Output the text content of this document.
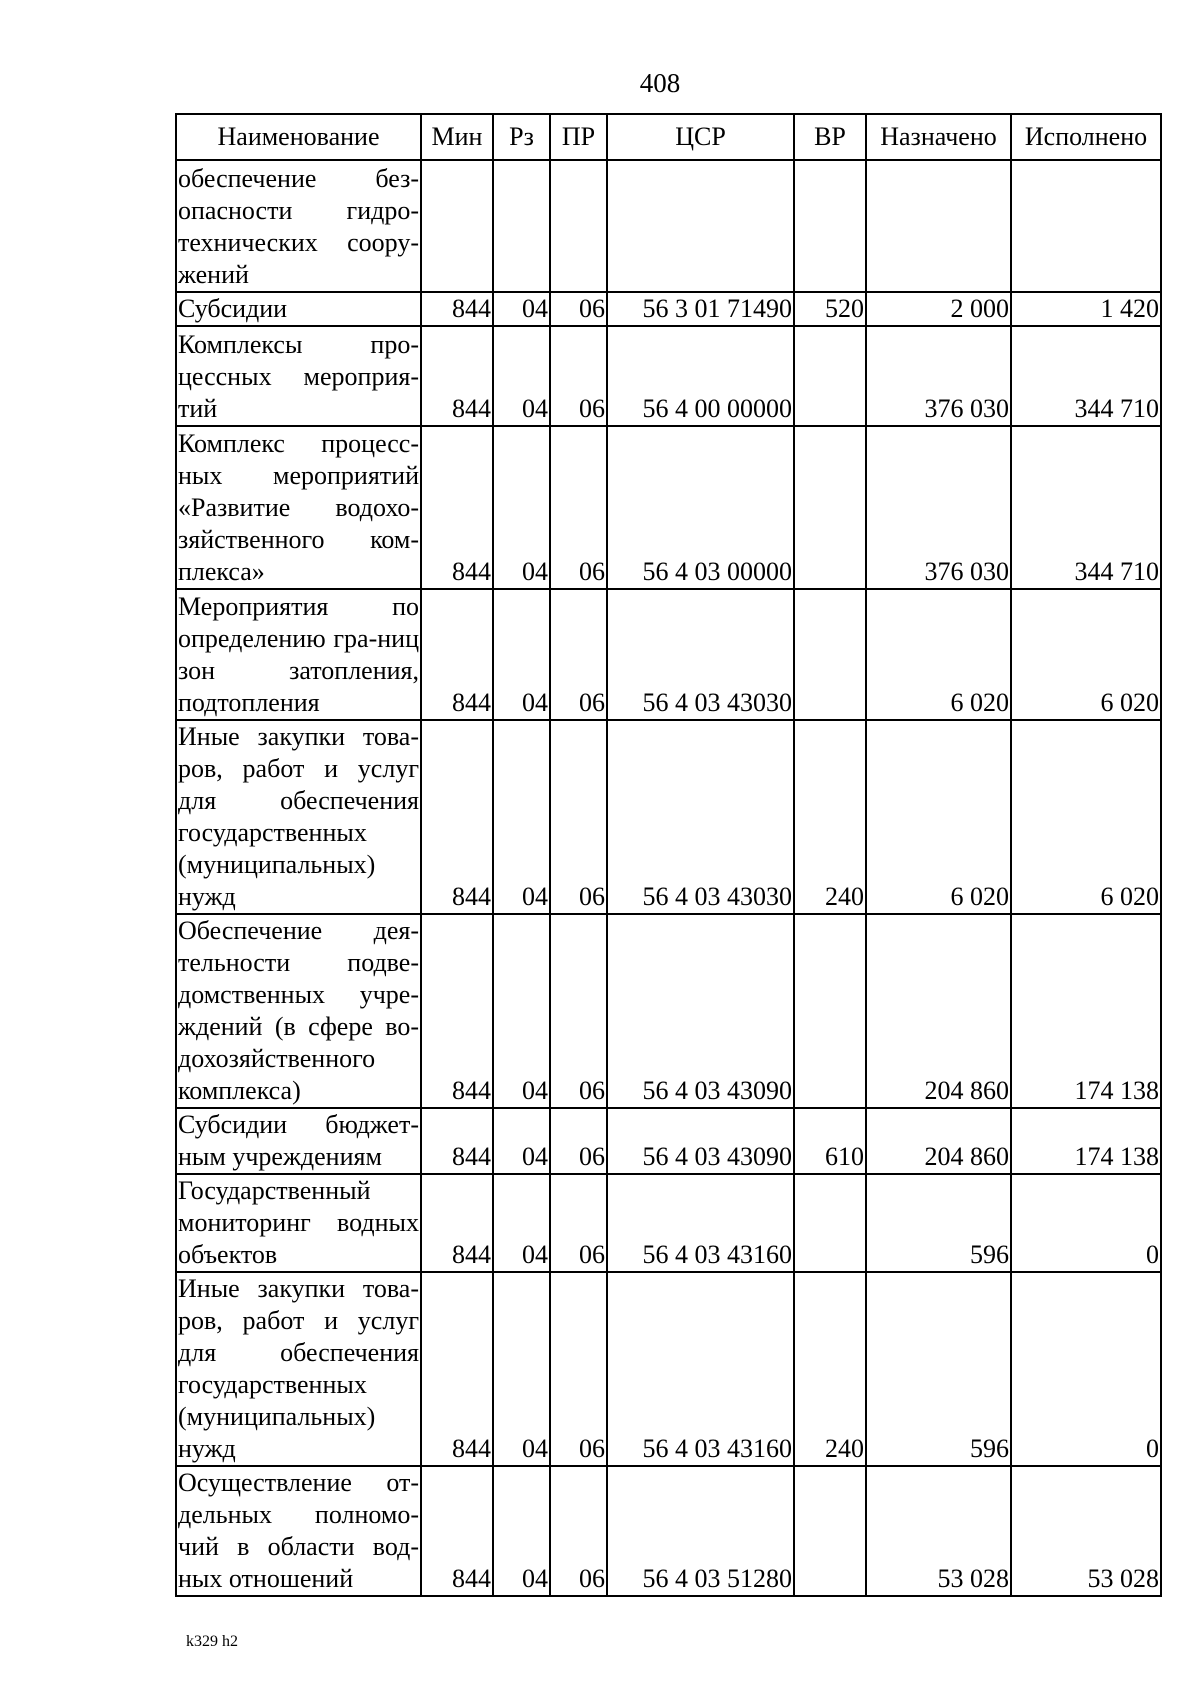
408
Наименование	Мин	Рз	ПР	ЦСР	ВР	Назначено	Исполнено
обеспечение без-опасности гидро-технических соору-жений							
Субсидии	844	04	06	56 3 01 71490	520	2 000	1 420
Комплексы про-цессных мероприя-тий	844	04	06	56 4 00 00000		376 030	344 710
Комплекс процесс-ных мероприятий «Развитие водохо-зяйственного ком-плекса»	844	04	06	56 4 03 00000		376 030	344 710
Мероприятия по определению гра-ниц зон затопления, подтопления	844	04	06	56 4 03 43030		6 020	6 020
Иные закупки това-ров, работ и услуг для обеспечения государственных (муниципальных) нужд	844	04	06	56 4 03 43030	240	6 020	6 020
Обеспечение дея-тельности подве-домственных учре-ждений (в сфере во-дохозяйственного комплекса)	844	04	06	56 4 03 43090		204 860	174 138
Субсидии бюджет-ным учреждениям	844	04	06	56 4 03 43090	610	204 860	174 138
Государственный мониторинг водных объектов	844	04	06	56 4 03 43160		596	0
Иные закупки това-ров, работ и услуг для обеспечения государственных (муниципальных) нужд	844	04	06	56 4 03 43160	240	596	0
Осуществление от-дельных полномо-чий в области вод-ных отношений	844	04	06	56 4 03 51280		53 028	53 028
k329 h2
